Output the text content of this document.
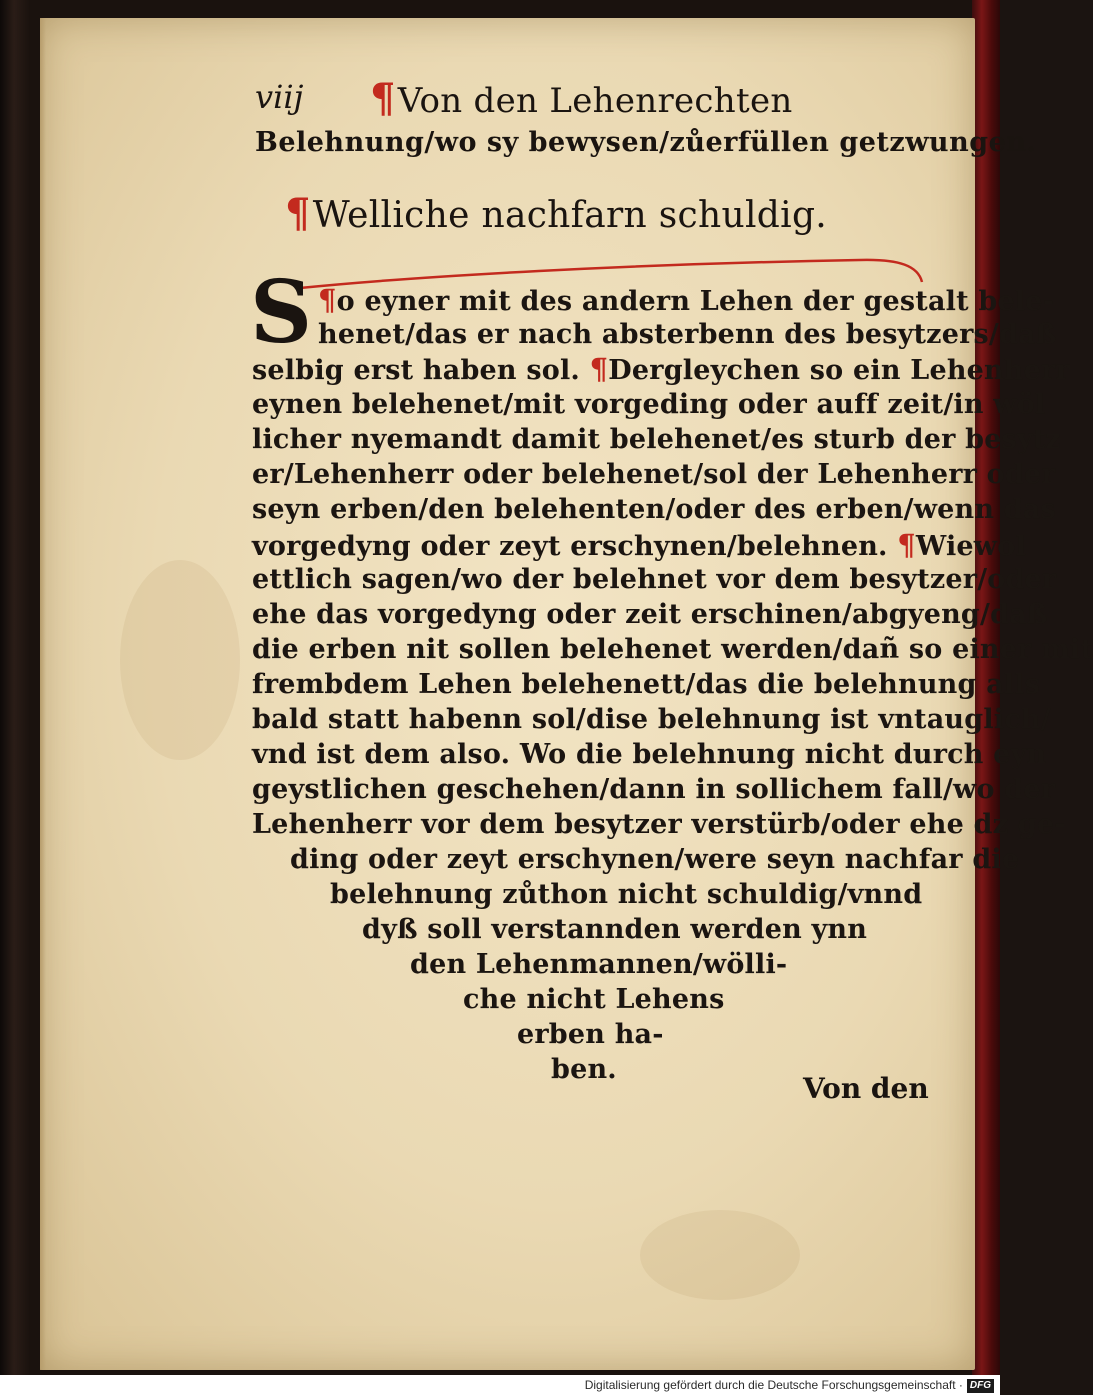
viij ¶Von den Lehenrechten
Belehnung/wo sy bewysen/zůerfüllen getzwungen.
¶Welliche nachfarn schuldig.
S ¶o eyner mit des andern Lehen der gestalt bele-
henet/das er nach absterbenn des besytzers/daß
selbig erst haben sol. ¶Dergleychen so ein Lehenherr
eynen belehenet/mit vorgeding oder auff zeit/in wöl
licher nyemandt damit belehenet/es sturb der besytz
er/Lehenherr oder belehenet/sol der Lehenherr oder
seyn erben/den belehenten/oder des erben/wenn das
vorgedyng oder zeyt erschynen/belehnen. ¶Wiewol
ettlich sagen/wo der belehnet vor dem besytzer/oder
ehe das vorgedyng oder zeit erschinen/abgyeng/daß
die erben nit sollen belehenet werden/dañ so einer mit
frembdem Lehen belehenett/das die belehnung alls
bald statt habenn sol/dise belehnung ist vntauglich/
vnd ist dem also. Wo die belehnung nicht durch eyn
geystlichen geschehen/dann in sollichem fall/wo der
Lehenherr vor dem besytzer verstürb/oder ehe dz ge-
ding oder zeyt erschynen/were seyn nachfar die
belehnung zůthon nicht schuldig/vnnd
dyß soll verstannden werden ynn
den Lehenmannen/wölli-
che nicht Lehens
erben ha-
ben.
Von den
Digitalisierung gefördert durch die Deutsche Forschungsgemeinschaft · DFG
